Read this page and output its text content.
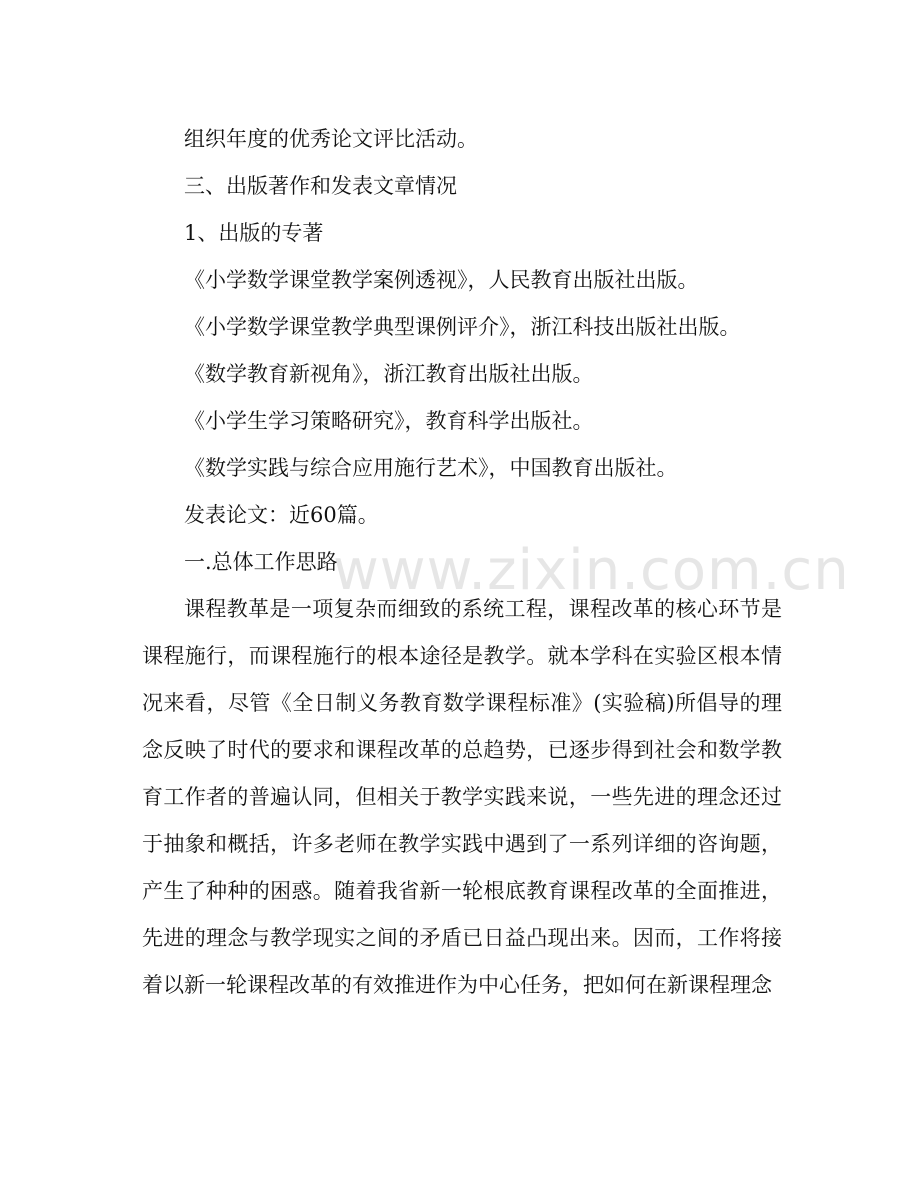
www.zixin.com.cn
组织年度的优秀论文评比活动。
三、出版著作和发表文章情况
1、出版的专著
《小学数学课堂教学案例透视》，人民教育出版社出版。
《小学数学课堂教学典型课例评介》，浙江科技出版社出版。
《数学教育新视角》，浙江教育出版社出版。
《小学生学习策略研究》，教育科学出版社。
《数学实践与综合应用施行艺术》，中国教育出版社。
发表论文：近60篇。
一.总体工作思路

课程教革是一项复杂而细致的系统工程，课程改革的核心环节是课程施行，而课程施行的根本途径是教学。就本学科在实验区根本情况来看，尽管《全日制义务教育数学课程标准》(实验稿)所倡导的理念反映了时代的要求和课程改革的总趋势，已逐步得到社会和数学教育工作者的普遍认同，但相关于教学实践来说，一些先进的理念还过于抽象和概括，许多老师在教学实践中遇到了一系列详细的咨询题，产生了种种的困惑。随着我省新一轮根底教育课程改革的全面推进，先进的理念与教学现实之间的矛盾已日益凸现出来。因而，工作将接着以新一轮课程改革的有效推进作为中心任务，把如何在新课程理念
